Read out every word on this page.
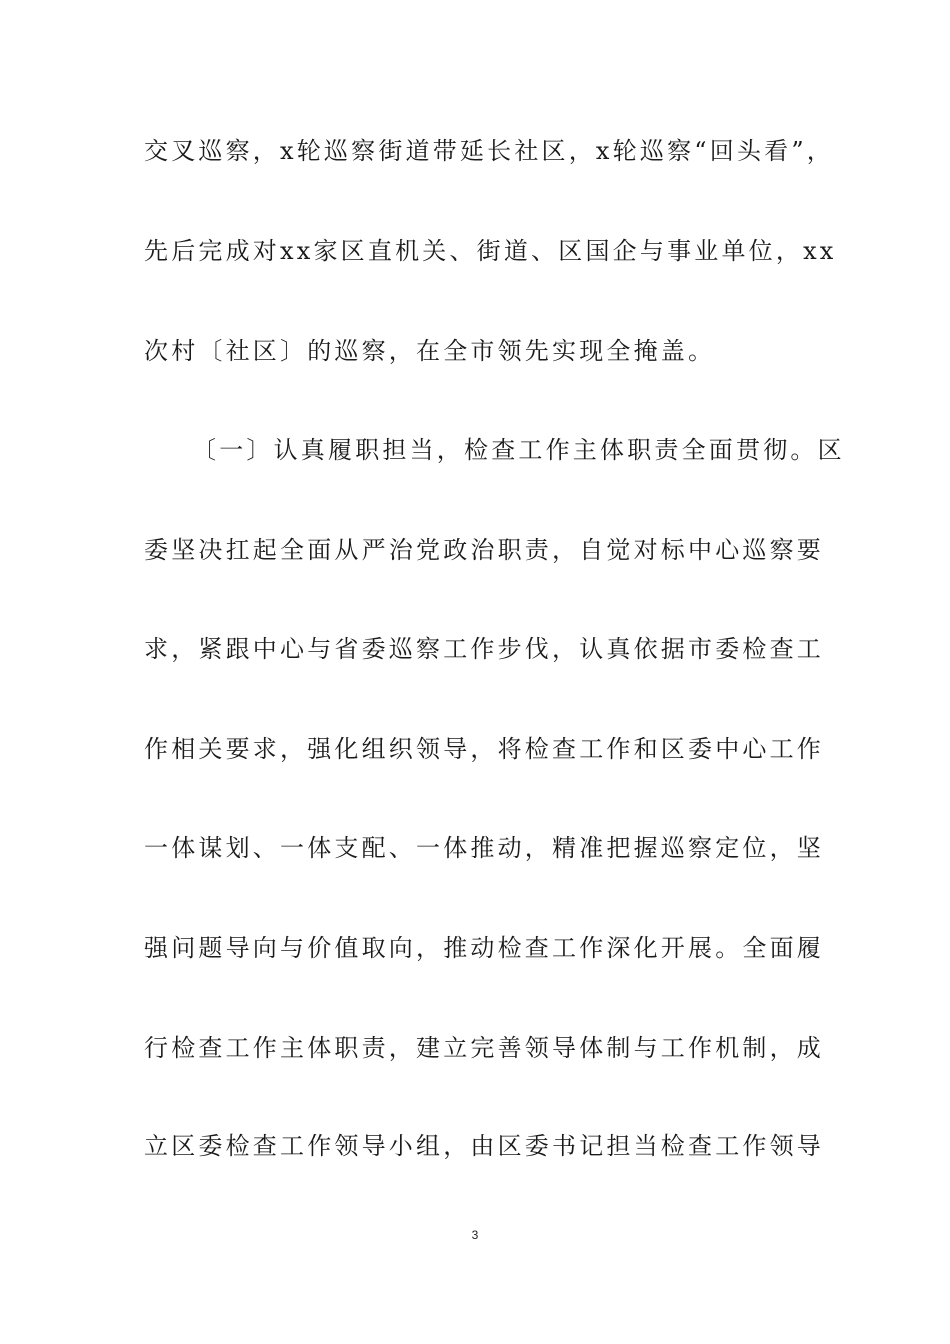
交叉巡察，x轮巡察街道带延长社区，x轮巡察“回头看”，
先后完成对xx家区直机关、街道、区国企与事业单位，xx
次村〔社区〕的巡察，在全市领先实现全掩盖。
〔一〕认真履职担当，检查工作主体职责全面贯彻。区
委坚决扛起全面从严治党政治职责，自觉对标中心巡察要
求，紧跟中心与省委巡察工作步伐，认真依据市委检查工
作相关要求，强化组织领导，将检查工作和区委中心工作
一体谋划、一体支配、一体推动，精准把握巡察定位，坚
强问题导向与价值取向，推动检查工作深化开展。全面履
行检查工作主体职责，建立完善领导体制与工作机制，成
立区委检查工作领导小组，由区委书记担当检查工作领导
3
